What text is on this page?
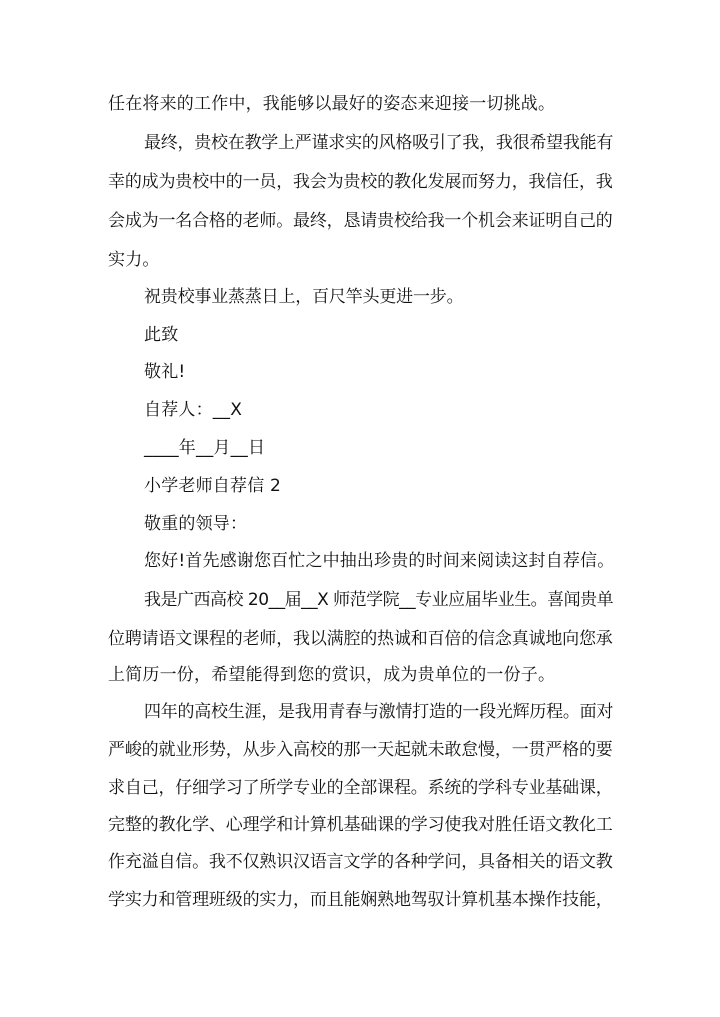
任在将来的工作中，我能够以最好的姿态来迎接一切挑战。
最终，贵校在教学上严谨求实的风格吸引了我，我很希望我能有
幸的成为贵校中的一员，我会为贵校的教化发展而努力，我信任，我
会成为一名合格的老师。最终，恳请贵校给我一个机会来证明自己的
实力。
祝贵校事业蒸蒸日上，百尺竿头更进一步。
此致
敬礼!
自荐人：__X
____年__月__日
小学老师自荐信 2
敬重的领导：
您好!首先感谢您百忙之中抽出珍贵的时间来阅读这封自荐信。
我是广西高校 20__届__X 师范学院__专业应届毕业生。喜闻贵单
位聘请语文课程的老师，我以满腔的热诚和百倍的信念真诚地向您承
上简历一份，希望能得到您的赏识，成为贵单位的一份子。
四年的高校生涯，是我用青春与激情打造的一段光辉历程。面对
严峻的就业形势，从步入高校的那一天起就未敢怠慢，一贯严格的要
求自己，仔细学习了所学专业的全部课程。系统的学科专业基础课，
完整的教化学、心理学和计算机基础课的学习使我对胜任语文教化工
作充溢自信。我不仅熟识汉语言文学的各种学问，具备相关的语文教
学实力和管理班级的实力，而且能娴熟地驾驭计算机基本操作技能，
